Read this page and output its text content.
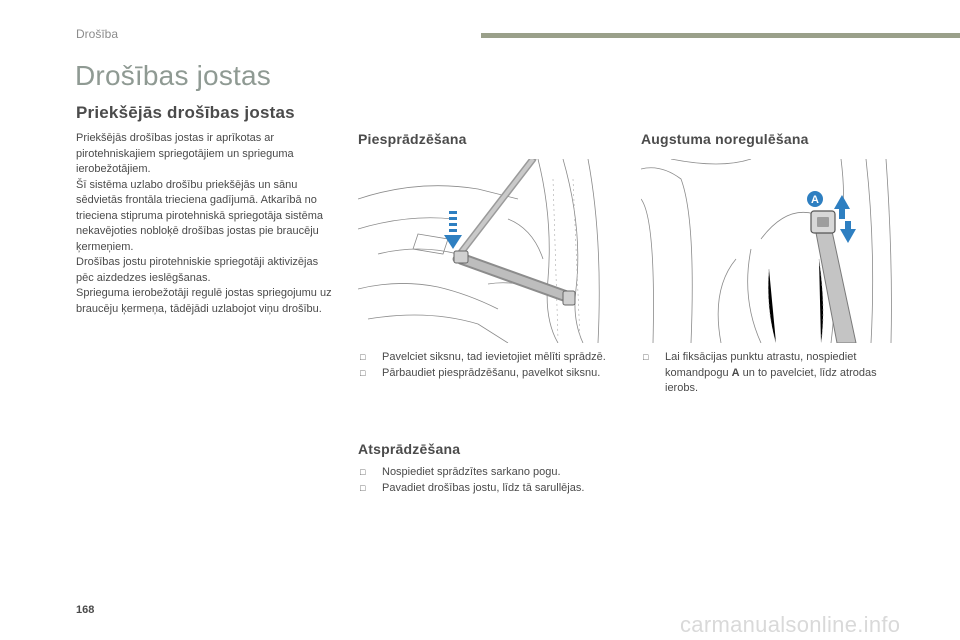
Drošība
Drošības jostas
Priekšējās drošības jostas

Priekšējās drošības jostas ir aprīkotas ar pirotehniskajiem spriegotājiem un sprieguma ierobežotājiem.

Šī sistēma uzlabo drošību priekšējās un sānu sēdvietās frontāla trieciena gadījumā. Atkarībā no trieciena stipruma pirotehniskā spriegotāja sistēma nekavējoties nobloķē drošības jostas pie braucēju ķermeņiem.

Drošības jostu pirotehniskie spriegotāji aktivizējas pēc aizdedzes ieslēgšanas.

Sprieguma ierobežotāji regulē jostas spriegojumu uz braucēju ķermeņa, tādējādi uzlabojot viņu drošību.

Piesprādzēšana
□ Pavelciet siksnu, tad ievietojiet mēlīti sprādzē.
□ Pārbaudiet piesprādzēšanu, pavelkot siksnu.
Atsprādzēšana
□ Nospiediet sprādzītes sarkano pogu.
□ Pavadiet drošības jostu, līdz tā sarullējas.
Augstuma noregulēšana
A
□ Lai fiksācijas punktu atrastu, nospiediet komandpogu A un to pavelciet, līdz atrodas ierobs.
168
carmanualsonline.info
